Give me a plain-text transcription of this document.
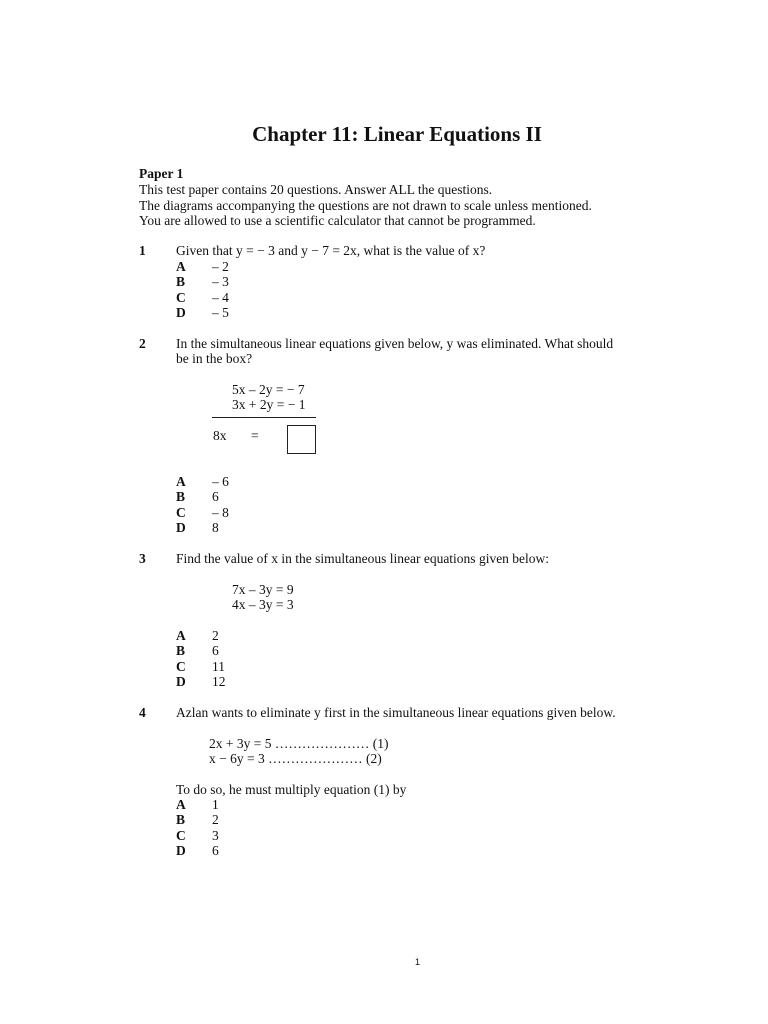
Chapter 11: Linear Equations II
Paper 1
This test paper contains 20 questions. Answer ALL the questions.
The diagrams accompanying the questions are not drawn to scale unless mentioned.
You are allowed to use a scientific calculator that cannot be programmed.
1 Given that y = − 3 and y − 7 = 2x, what is the value of x?
A – 2
B – 3
C – 4
D – 5
2 In the simultaneous linear equations given below, y was eliminated. What should
be in the box?
5x – 2y = − 7
3x + 2y = − 1
8x =
A – 6
B 6
C – 8
D 8
3 Find the value of x in the simultaneous linear equations given below:
7x – 3y = 9
4x – 3y = 3
A 2
B 6
C 11
D 12
4 Azlan wants to eliminate y first in the simultaneous linear equations given below.
2x + 3y = 5 ………………… (1)
x − 6y = 3 ………………… (2)
To do so, he must multiply equation (1) by
A 1
B 2
C 3
D 6
1
